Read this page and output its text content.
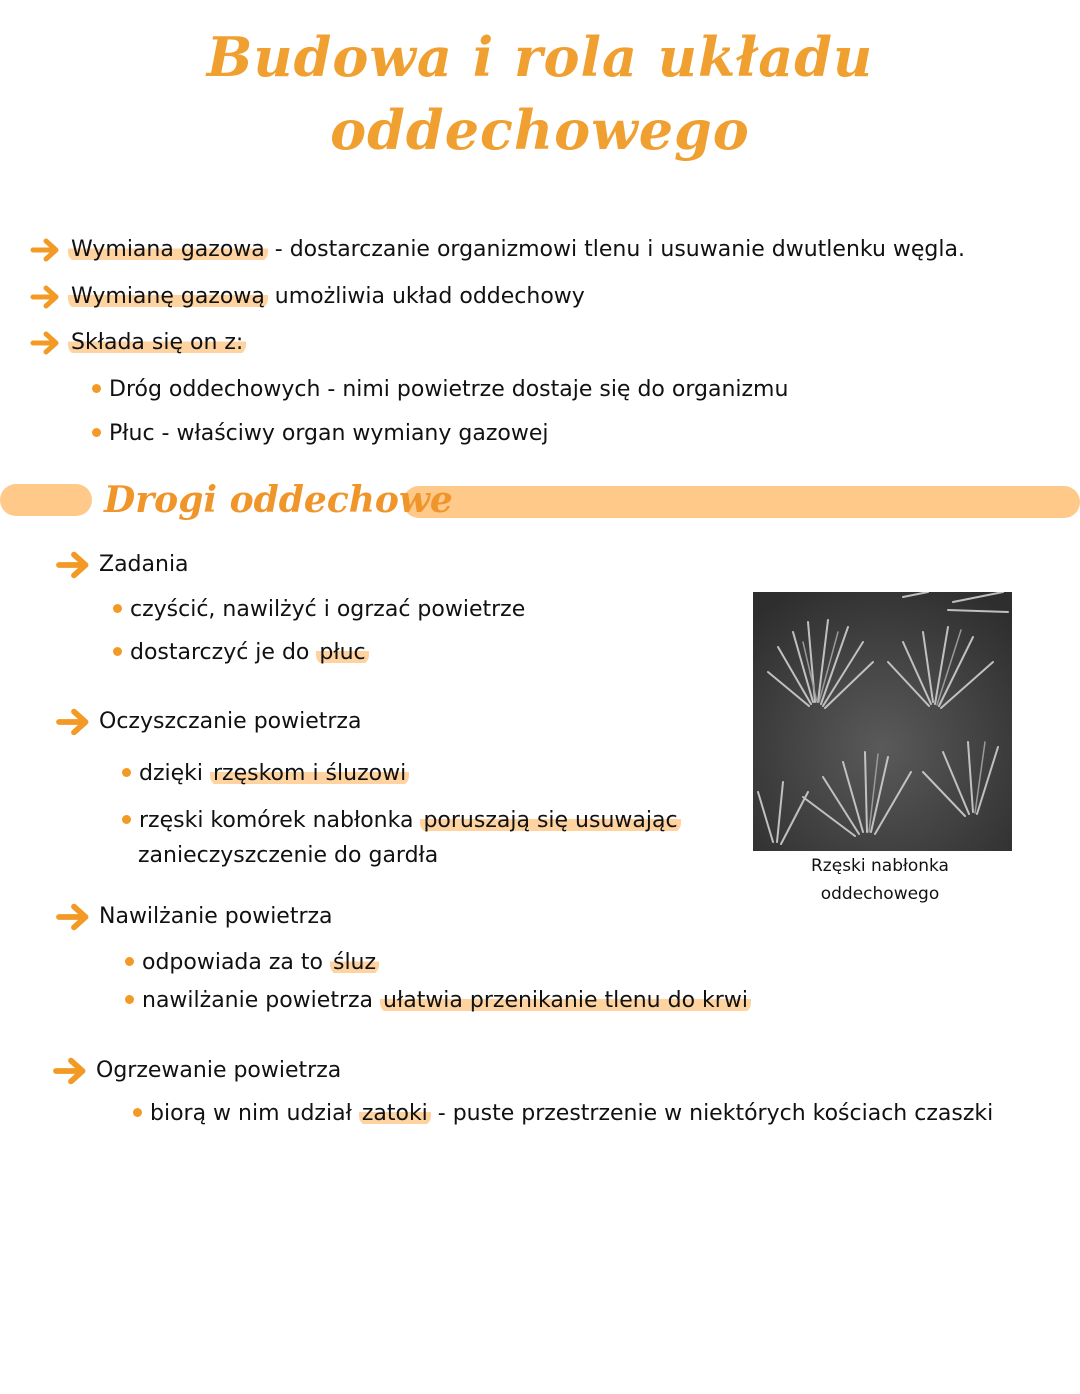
Budowa i rola układu
oddechowego
Wymiana gazowa - dostarczanie organizmowi tlenu i usuwanie dwutlenku węgla.
Wymianę gazową umożliwia układ oddechowy
Składa się on z:
Dróg oddechowych - nimi powietrze dostaje się do organizmu
Płuc - właściwy organ wymiany gazowej
Drogi oddechowe
Zadania
czyścić, nawilżyć i ogrzać powietrze
dostarczyć je do płuc
Oczyszczanie powietrza
dzięki rzęskom i śluzowi
rzęski komórek nabłonka poruszają się usuwając
zanieczyszczenie do gardła	Rzęski nabłonka
oddechowego
Nawilżanie powietrza
odpowiada za to śluz
nawilżanie powietrza ułatwia przenikanie tlenu do krwi
Ogrzewanie powietrza
biorą w nim udział zatoki - puste przestrzenie w niektórych kościach czaszki
